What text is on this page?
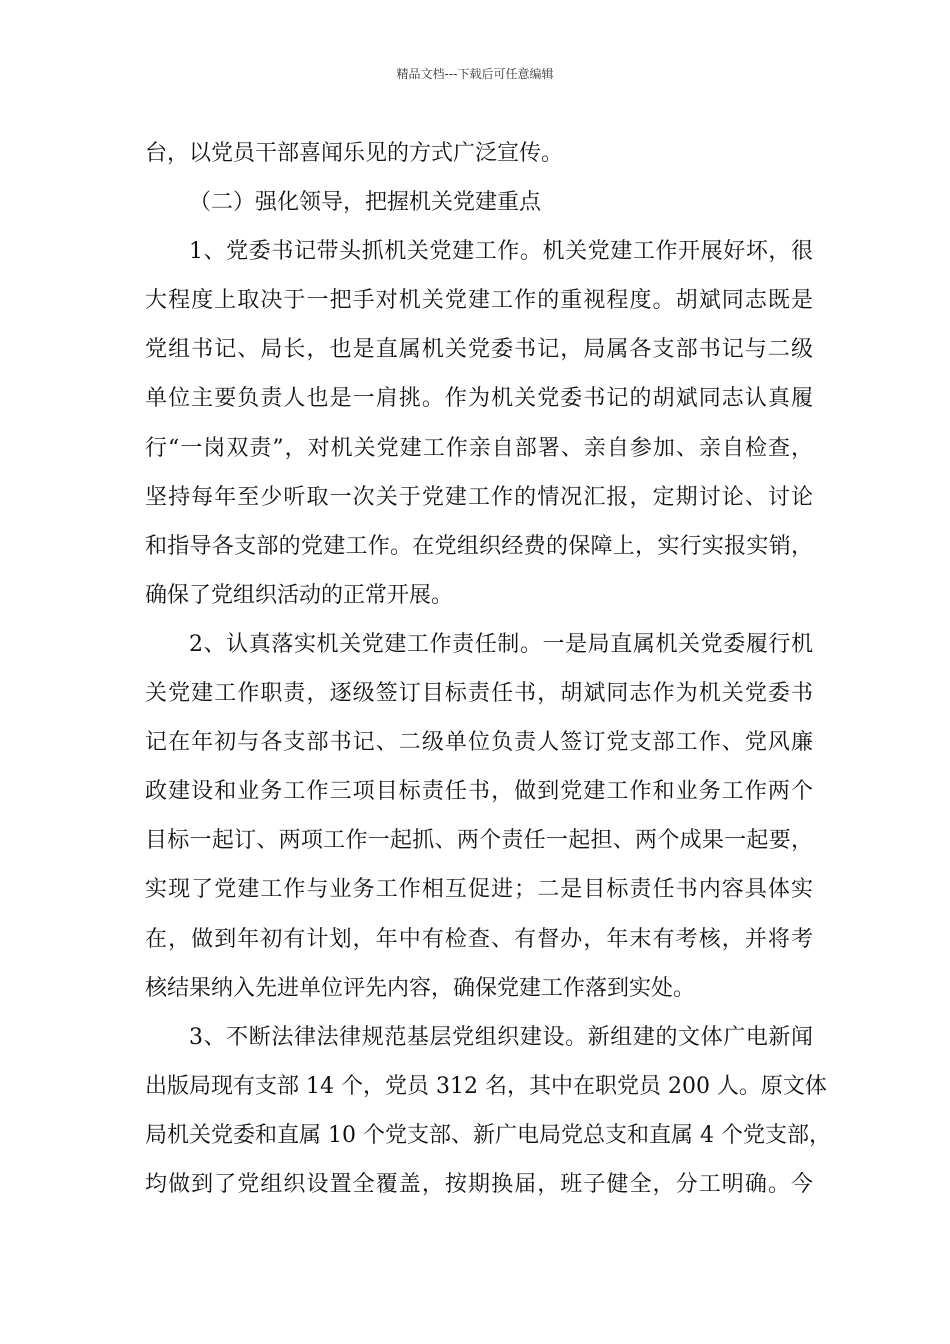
精品文档---下载后可任意编辑
台，以党员干部喜闻乐见的方式广泛宣传。
（二）强化领导，把握机关党建重点
1、党委书记带头抓机关党建工作。机关党建工作开展好坏，很
大程度上取决于一把手对机关党建工作的重视程度。胡斌同志既是
党组书记、局长，也是直属机关党委书记，局属各支部书记与二级
单位主要负责人也是一肩挑。作为机关党委书记的胡斌同志认真履
行“一岗双责”，对机关党建工作亲自部署、亲自参加、亲自检查，
坚持每年至少听取一次关于党建工作的情况汇报，定期讨论、讨论
和指导各支部的党建工作。在党组织经费的保障上，实行实报实销，
确保了党组织活动的正常开展。
2、认真落实机关党建工作责任制。一是局直属机关党委履行机
关党建工作职责，逐级签订目标责任书，胡斌同志作为机关党委书
记在年初与各支部书记、二级单位负责人签订党支部工作、党风廉
政建设和业务工作三项目标责任书，做到党建工作和业务工作两个
目标一起订、两项工作一起抓、两个责任一起担、两个成果一起要，
实现了党建工作与业务工作相互促进；二是目标责任书内容具体实
在，做到年初有计划，年中有检查、有督办，年末有考核，并将考
核结果纳入先进单位评先内容，确保党建工作落到实处。
3、不断法律法律规范基层党组织建设。新组建的文体广电新闻
出版局现有支部 14 个，党员 312 名，其中在职党员 200 人。原文体
局机关党委和直属 10 个党支部、新广电局党总支和直属 4 个党支部，
均做到了党组织设置全覆盖，按期换届，班子健全，分工明确。今
